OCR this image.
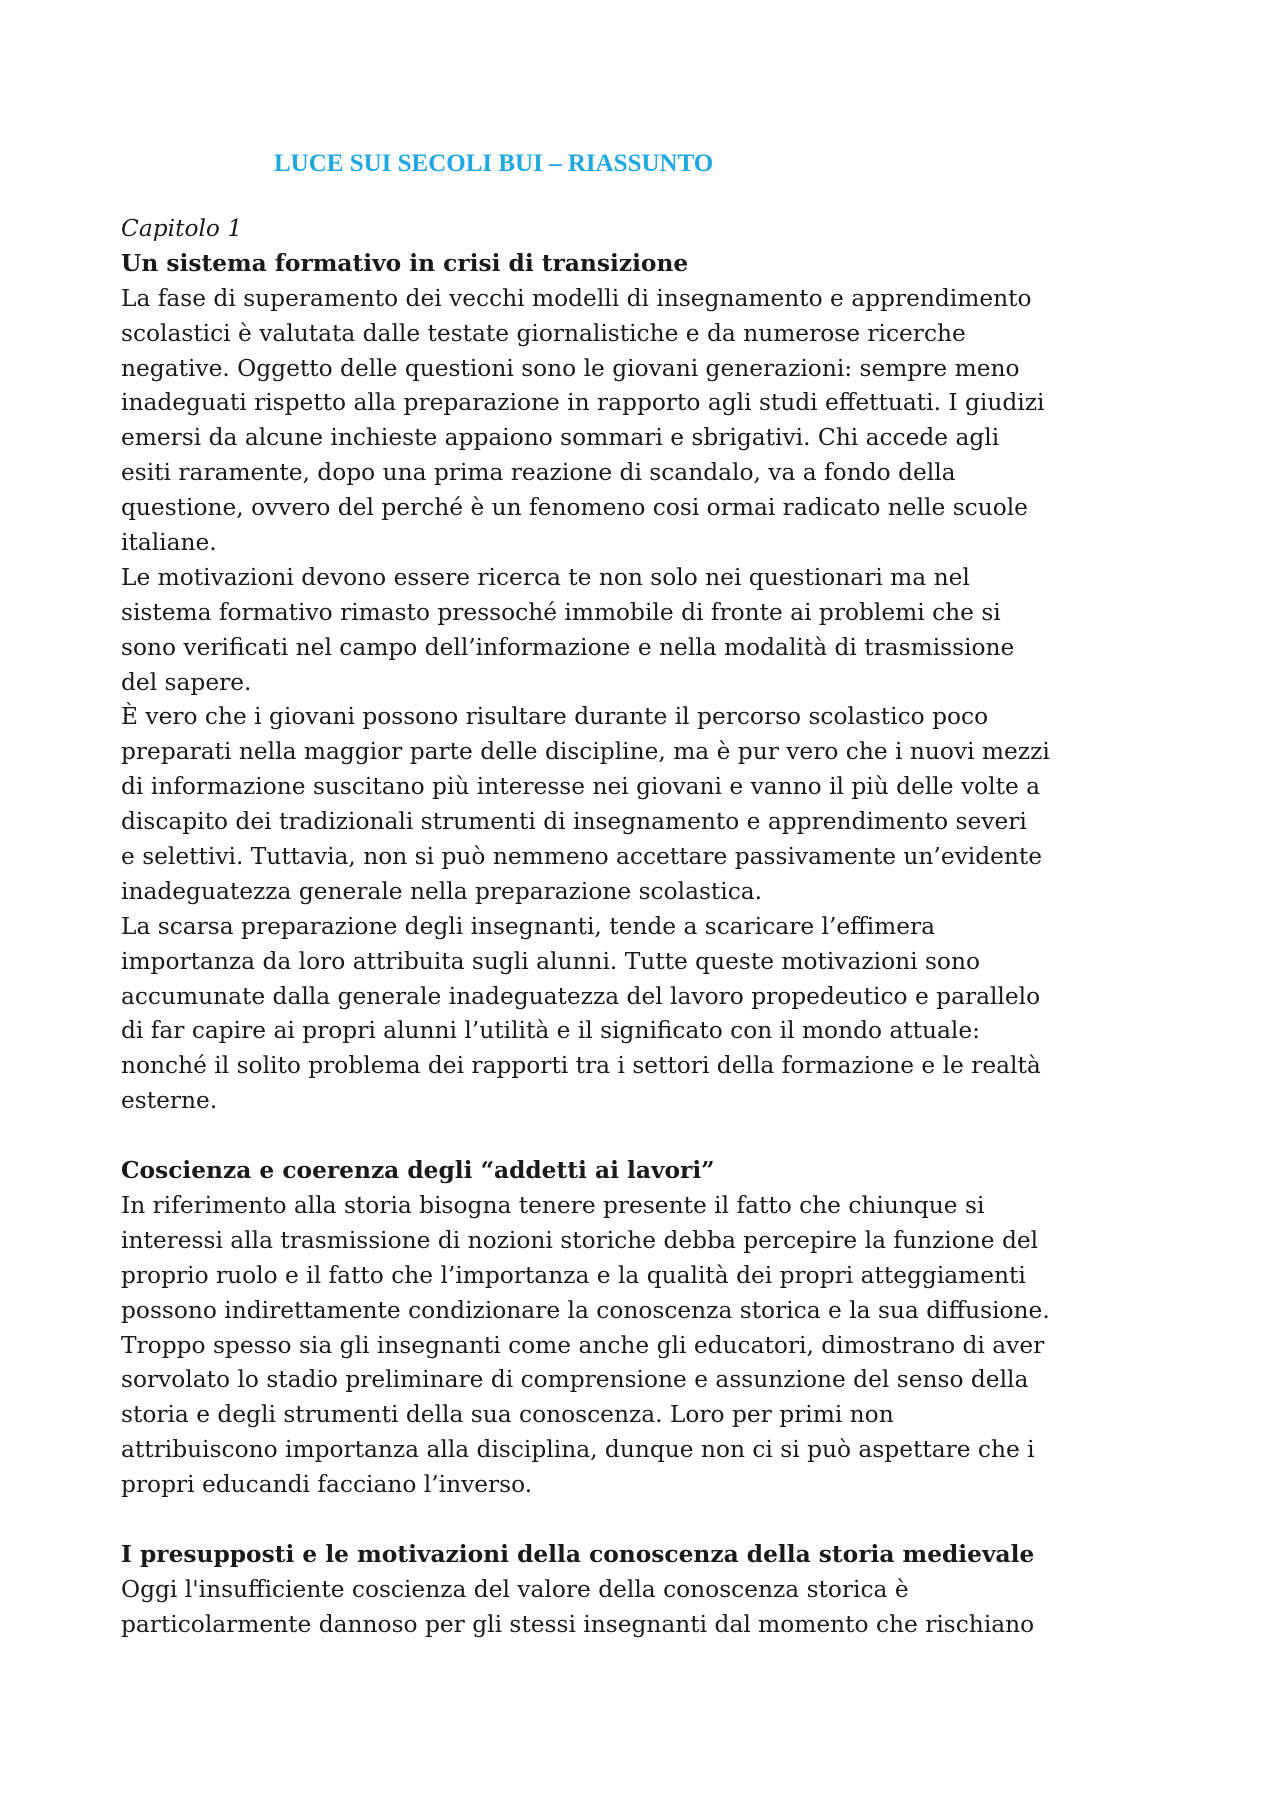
LUCE SUI SECOLI BUI – RIASSUNTO
Capitolo 1
Un sistema formativo in crisi di transizione
La fase di superamento dei vecchi modelli di insegnamento e apprendimento
scolastici è valutata dalle testate giornalistiche e da numerose ricerche
negative. Oggetto delle questioni sono le giovani generazioni: sempre meno
inadeguati rispetto alla preparazione in rapporto agli studi effettuati. I giudizi
emersi da alcune inchieste appaiono sommari e sbrigativi. Chi accede agli
esiti raramente, dopo una prima reazione di scandalo, va a fondo della
questione, ovvero del perché è un fenomeno cosi ormai radicato nelle scuole
italiane.
Le motivazioni devono essere ricerca te non solo nei questionari ma nel
sistema formativo rimasto pressoché immobile di fronte ai problemi che si
sono verificati nel campo dell’informazione e nella modalità di trasmissione
del sapere.
È vero che i giovani possono risultare durante il percorso scolastico poco
preparati nella maggior parte delle discipline, ma è pur vero che i nuovi mezzi
di informazione suscitano più interesse nei giovani e vanno il più delle volte a
discapito dei tradizionali strumenti di insegnamento e apprendimento severi
e selettivi. Tuttavia, non si può nemmeno accettare passivamente un’evidente
inadeguatezza generale nella preparazione scolastica.
La scarsa preparazione degli insegnanti, tende a scaricare l’effimera
importanza da loro attribuita sugli alunni. Tutte queste motivazioni sono
accumunate dalla generale inadeguatezza del lavoro propedeutico e parallelo
di far capire ai propri alunni l’utilità e il significato con il mondo attuale:
nonché il solito problema dei rapporti tra i settori della formazione e le realtà
esterne.
Coscienza e coerenza degli “addetti ai lavori”
In riferimento alla storia bisogna tenere presente il fatto che chiunque si
interessi alla trasmissione di nozioni storiche debba percepire la funzione del
proprio ruolo e il fatto che l’importanza e la qualità dei propri atteggiamenti
possono indirettamente condizionare la conoscenza storica e la sua diffusione.
Troppo spesso sia gli insegnanti come anche gli educatori, dimostrano di aver
sorvolato lo stadio preliminare di comprensione e assunzione del senso della
storia e degli strumenti della sua conoscenza. Loro per primi non
attribuiscono importanza alla disciplina, dunque non ci si può aspettare che i
propri educandi facciano l’inverso.
I presupposti e le motivazioni della conoscenza della storia medievale
Oggi l'insufficiente coscienza del valore della conoscenza storica è
particolarmente dannoso per gli stessi insegnanti dal momento che rischiano
